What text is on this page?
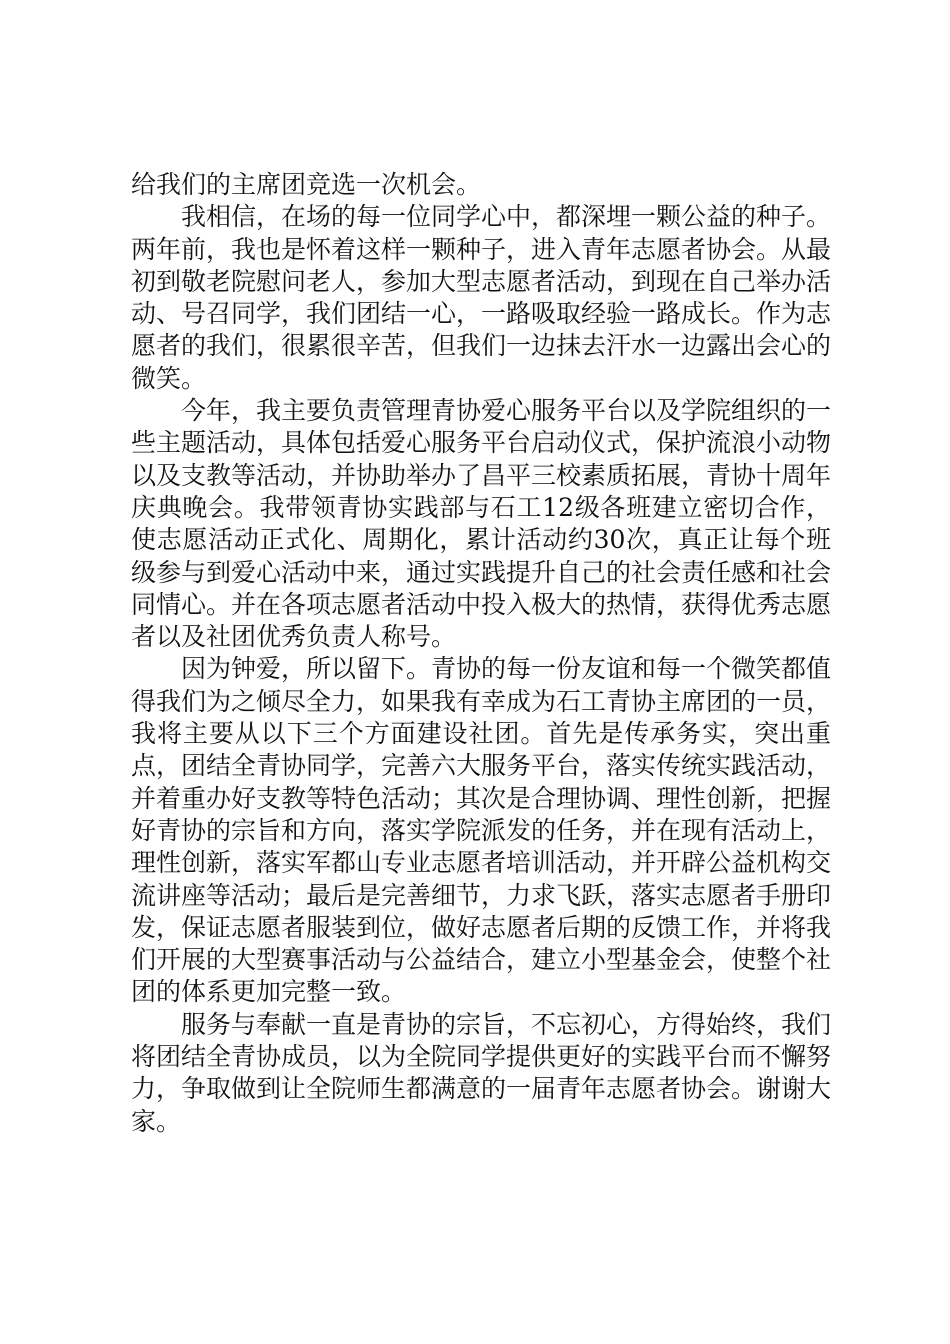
给我们的主席团竞选一次机会。

我相信，在场的每一位同学心中，都深埋一颗公益的种子。两年前，我也是怀着这样一颗种子，进入青年志愿者协会。从最初到敬老院慰问老人，参加大型志愿者活动，到现在自己举办活动、号召同学，我们团结一心，一路吸取经验一路成长。作为志愿者的我们，很累很辛苦，但我们一边抹去汗水一边露出会心的微笑。

今年，我主要负责管理青协爱心服务平台以及学院组织的一些主题活动，具体包括爱心服务平台启动仪式，保护流浪小动物以及支教等活动，并协助举办了昌平三校素质拓展，青协十周年庆典晚会。我带领青协实践部与石工12级各班建立密切合作，使志愿活动正式化、周期化，累计活动约30次，真正让每个班级参与到爱心活动中来，通过实践提升自己的社会责任感和社会同情心。并在各项志愿者活动中投入极大的热情，获得优秀志愿者以及社团优秀负责人称号。

因为钟爱，所以留下。青协的每一份友谊和每一个微笑都值得我们为之倾尽全力，如果我有幸成为石工青协主席团的一员，我将主要从以下三个方面建设社团。首先是传承务实，突出重点，团结全青协同学，完善六大服务平台，落实传统实践活动，并着重办好支教等特色活动；其次是合理协调、理性创新，把握好青协的宗旨和方向，落实学院派发的任务，并在现有活动上，理性创新，落实军都山专业志愿者培训活动，并开辟公益机构交流讲座等活动；最后是完善细节，力求飞跃，落实志愿者手册印发，保证志愿者服装到位，做好志愿者后期的反馈工作，并将我们开展的大型赛事活动与公益结合，建立小型基金会，使整个社团的体系更加完整一致。

服务与奉献一直是青协的宗旨，不忘初心，方得始终，我们将团结全青协成员，以为全院同学提供更好的实践平台而不懈努力，争取做到让全院师生都满意的一届青年志愿者协会。谢谢大家。
